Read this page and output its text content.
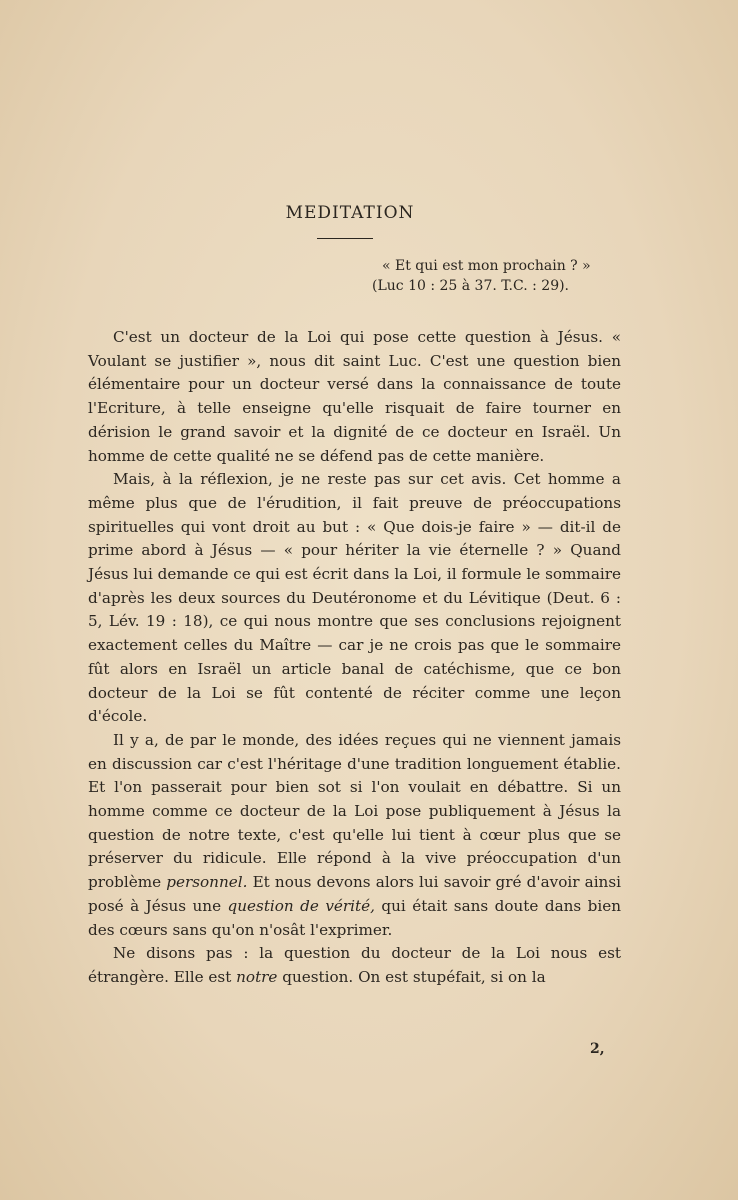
MEDITATION
« Et qui est mon prochain ? »
(Luc 10 : 25 à 37. T.C. : 29).

C'est un docteur de la Loi qui pose cette question à Jésus. « Voulant se justifier », nous dit saint Luc. C'est une question bien élémentaire pour un docteur versé dans la connaissance de toute l'Ecriture, à telle enseigne qu'elle risquait de faire tourner en dérision le grand savoir et la dignité de ce docteur en Israël. Un homme de cette qualité ne se défend pas de cette manière.

Mais, à la réflexion, je ne reste pas sur cet avis. Cet homme a même plus que de l'érudition, il fait preuve de préoccupations spirituelles qui vont droit au but : « Que dois-je faire » — dit-il de prime abord à Jésus — « pour hériter la vie éternelle ? » Quand Jésus lui demande ce qui est écrit dans la Loi, il formule le sommaire d'après les deux sources du Deutéronome et du Lévitique (Deut. 6 : 5, Lév. 19 : 18), ce qui nous montre que ses conclusions rejoignent exactement celles du Maître — car je ne crois pas que le sommaire fût alors en Israël un article banal de catéchisme, que ce bon docteur de la Loi se fût contenté de réciter comme une leçon d'école.

Il y a, de par le monde, des idées reçues qui ne viennent jamais en discussion car c'est l'héritage d'une tradition longuement établie. Et l'on passerait pour bien sot si l'on voulait en débattre. Si un homme comme ce docteur de la Loi pose publiquement à Jésus la question de notre texte, c'est qu'elle lui tient à cœur plus que se préserver du ridicule. Elle répond à la vive préoccupation d'un problème personnel. Et nous devons alors lui savoir gré d'avoir ainsi posé à Jésus une question de vérité, qui était sans doute dans bien des cœurs sans qu'on n'osât l'exprimer.

Ne disons pas : la question du docteur de la Loi nous est étrangère. Elle est notre question. On est stupéfait, si on la

2,
